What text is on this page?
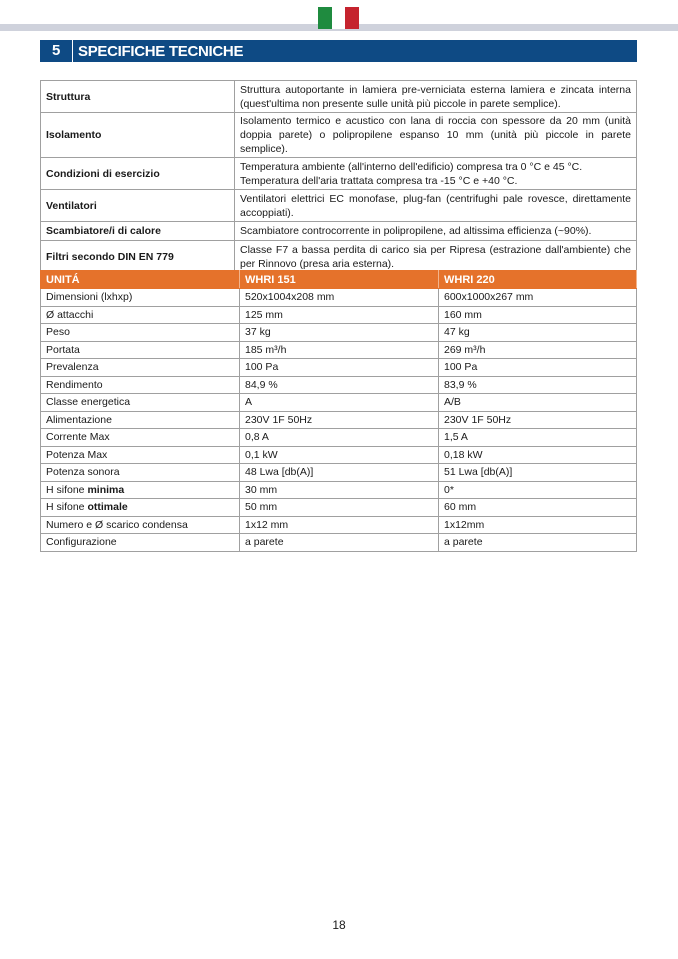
5	SPECIFICHE TECNICHE
Struttura	Struttura autoportante in lamiera pre-verniciata esterna lamiera e zincata interna (quest'ultima non presente sulle unità più piccole in parete semplice).
Isolamento	Isolamento termico e acustico con lana di roccia con spessore da 20 mm (unità doppia parete) o polipropilene espanso 10 mm (unità più piccole in parete semplice).
Condizioni di esercizio	Temperatura ambiente (all'interno dell'edificio) compresa tra 0 °C e 45 °C.
Temperatura dell'aria trattata compresa tra -15 °C e +40 °C.

Ventilatori	Ventilatori elettrici EC monofase, plug-fan (centrifughi pale rovesce, direttamente accoppiati).
Scambiatore/i di calore	Scambiatore controcorrente in polipropilene, ad altissima efficienza (~90%).
Filtri secondo DIN EN 779	Classe F7 a bassa perdita di carico sia per Ripresa (estrazione dall'ambiente) che per Rinnovo (presa aria esterna).
UNITÁ	WHRI 151	WHRI 220
Dimensioni (lxhxp)	520x1004x208 mm	600x1000x267 mm
Ø attacchi	125 mm	160 mm
Peso	37 kg	47 kg
Portata	185 m³/h	269 m³/h
Prevalenza	100 Pa	100 Pa
Rendimento	84,9 %	83,9 %
Classe energetica	A	A/B
Alimentazione	230V 1F 50Hz	230V 1F 50Hz
Corrente Max	0,8 A	1,5 A
Potenza Max	0,1 kW	0,18 kW
Potenza sonora	48 Lwa [db(A)]	51 Lwa [db(A)]
H sifone minima	30 mm	0*
H sifone ottimale	50 mm	60 mm
Numero e Ø scarico condensa	1x12 mm	1x12mm
Configurazione	a parete	a parete
18
